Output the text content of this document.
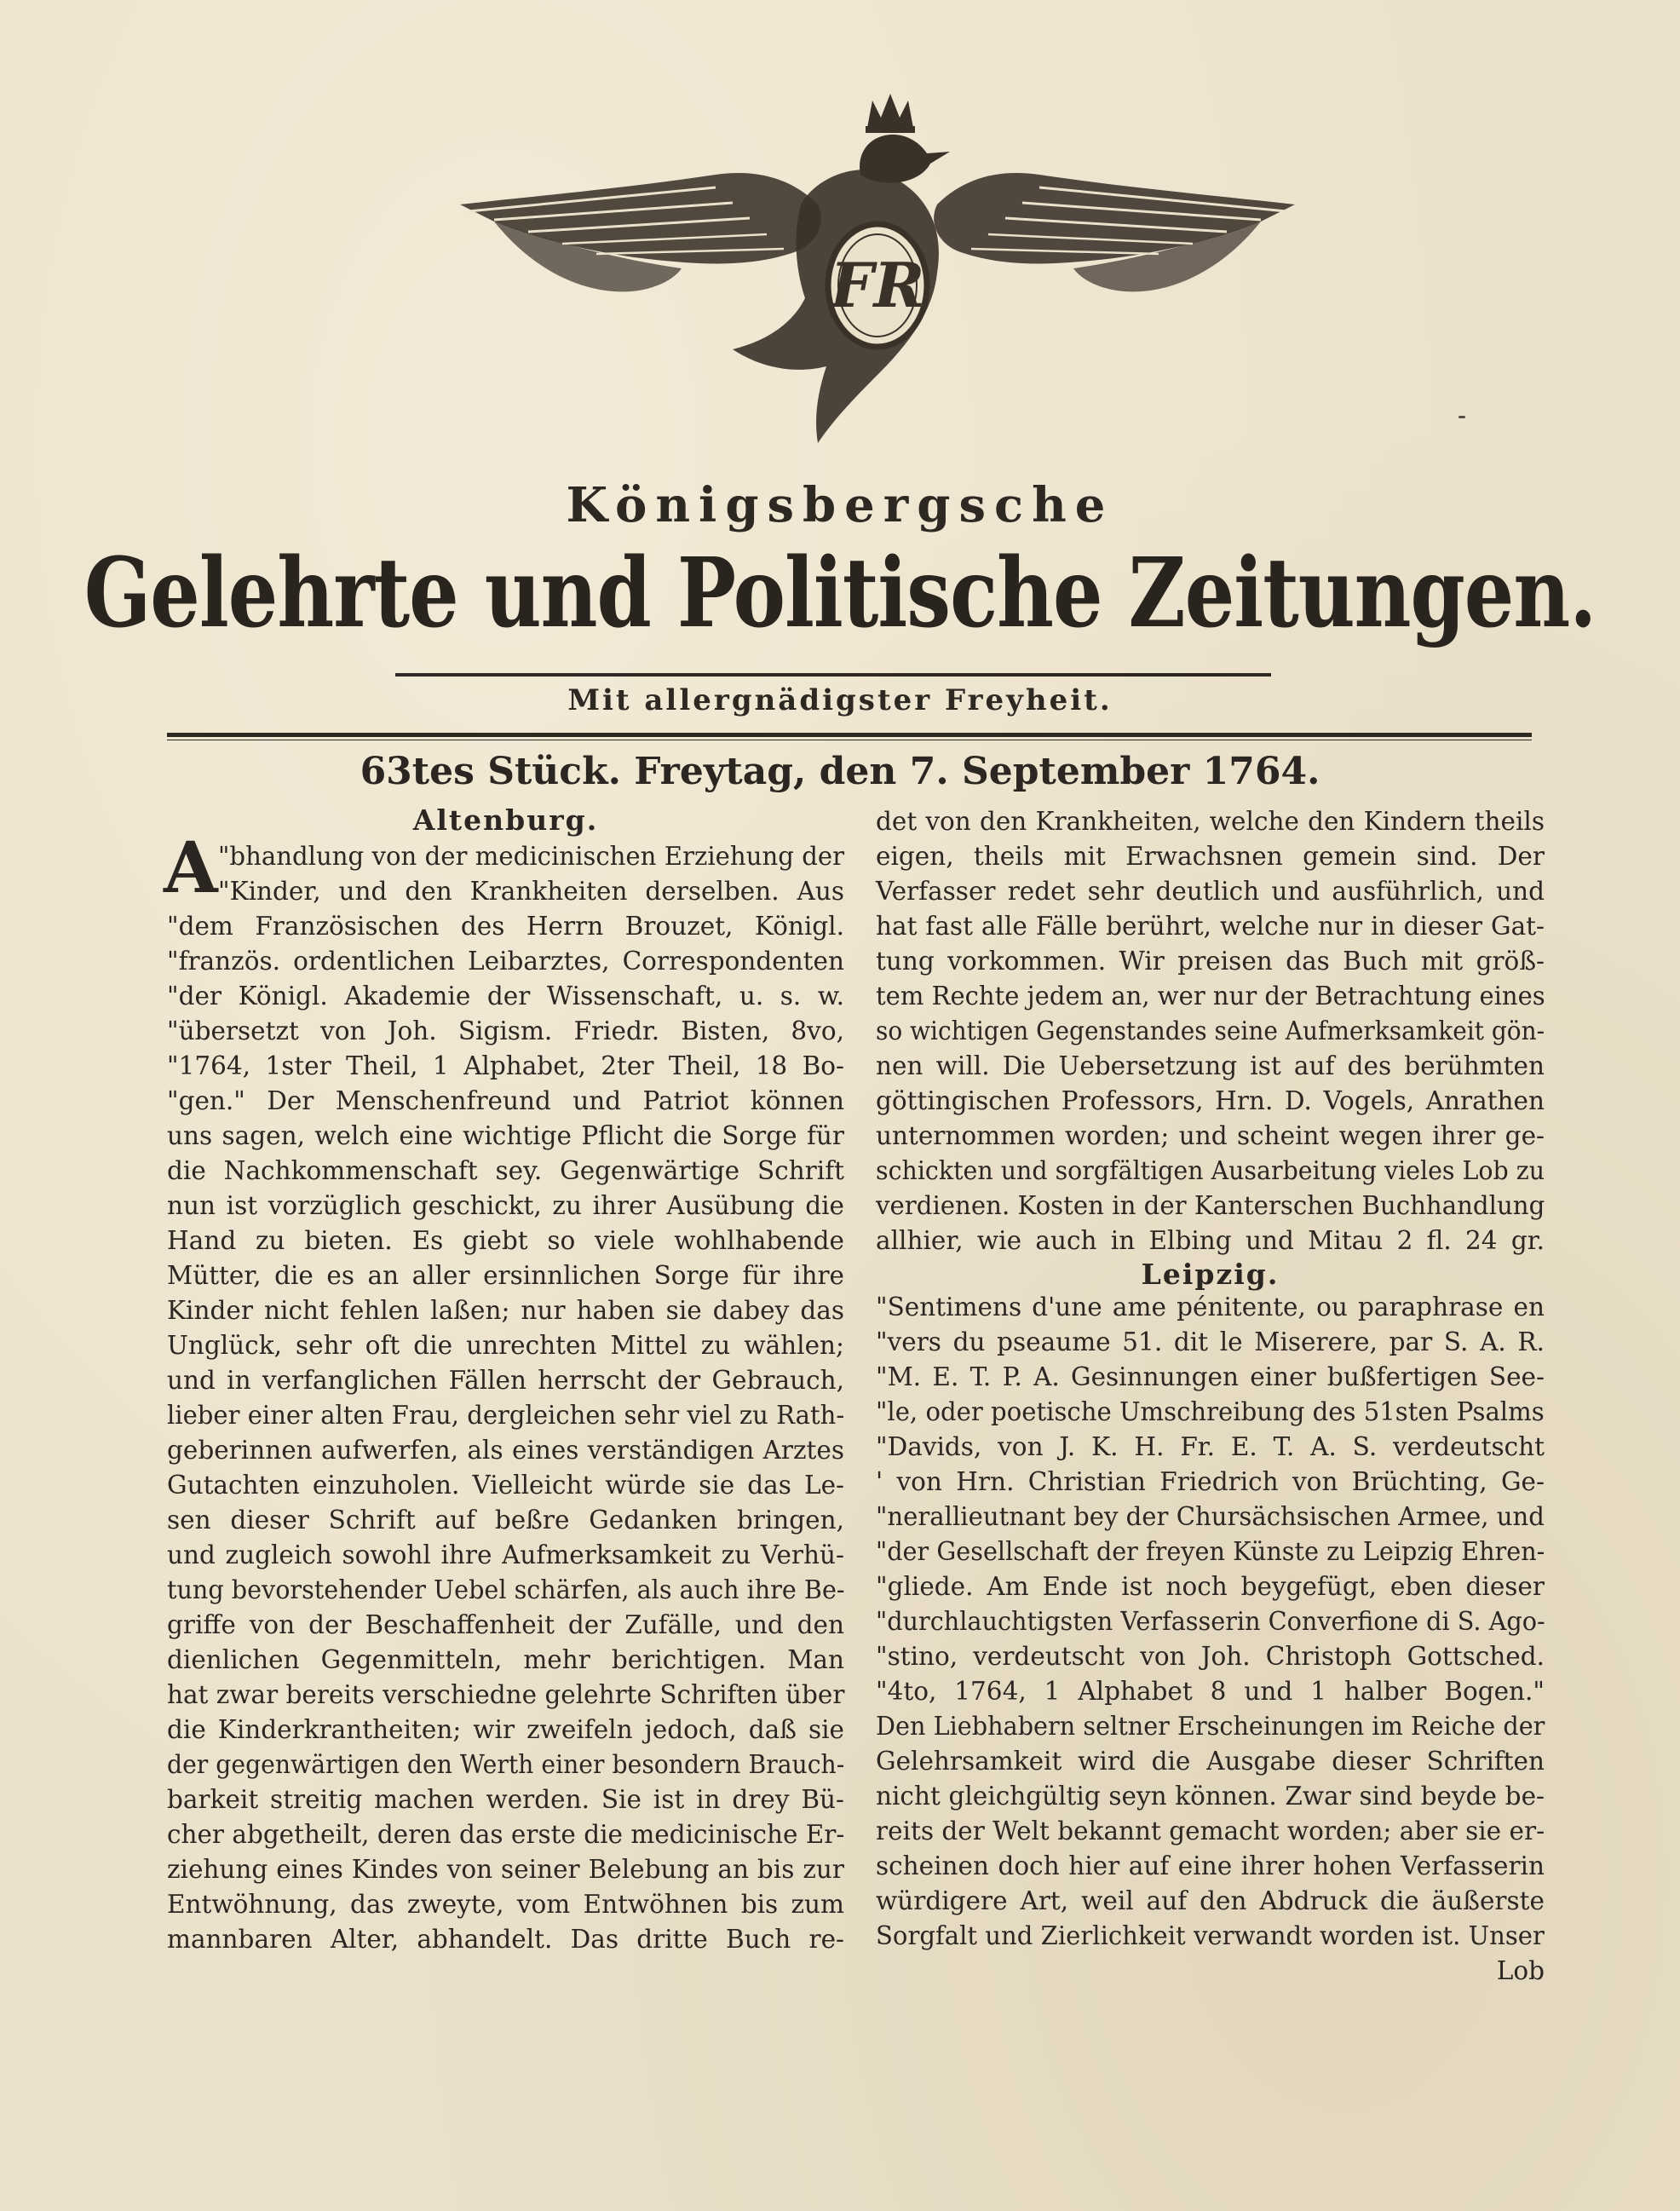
FR
Königsbergsche
Gelehrte und Politische Zeitungen.
Mit allergnädigster Freyheit.
63tes Stück. Freytag, den 7. September 1764.
A
Altenburg.
"bhandlung von der medicinischen Erziehung der
"Kinder, und den Krankheiten derselben. Aus
"dem Französischen des Herrn Brouzet, Königl.
"französ. ordentlichen Leibarztes, Correspondenten
"der Königl. Akademie der Wissenschaft, u. s. w.
"übersetzt von Joh. Sigism. Friedr. Bisten, 8vo,
"1764, 1ster Theil, 1 Alphabet, 2ter Theil, 18 Bo-
"gen." Der Menschenfreund und Patriot können
uns sagen, welch eine wichtige Pflicht die Sorge für
die Nachkommenschaft sey. Gegenwärtige Schrift
nun ist vorzüglich geschickt, zu ihrer Ausübung die
Hand zu bieten. Es giebt so viele wohlhabende
Mütter, die es an aller ersinnlichen Sorge für ihre
Kinder nicht fehlen laßen; nur haben sie dabey das
Unglück, sehr oft die unrechten Mittel zu wählen;
und in verfanglichen Fällen herrscht der Gebrauch,
lieber einer alten Frau, dergleichen sehr viel zu Rath-
geberinnen aufwerfen, als eines verständigen Arztes
Gutachten einzuholen. Vielleicht würde sie das Le-
sen dieser Schrift auf beßre Gedanken bringen,
und zugleich sowohl ihre Aufmerksamkeit zu Verhü-
tung bevorstehender Uebel schärfen, als auch ihre Be-
griffe von der Beschaffenheit der Zufälle, und den
dienlichen Gegenmitteln, mehr berichtigen. Man
hat zwar bereits verschiedne gelehrte Schriften über
die Kinderkrantheiten; wir zweifeln jedoch, daß sie
der gegenwärtigen den Werth einer besondern Brauch-
barkeit streitig machen werden. Sie ist in drey Bü-
cher abgetheilt, deren das erste die medicinische Er-
ziehung eines Kindes von seiner Belebung an bis zur
Entwöhnung, das zweyte, vom Entwöhnen bis zum
mannbaren Alter, abhandelt. Das dritte Buch re-
det von den Krankheiten, welche den Kindern theils
eigen, theils mit Erwachsnen gemein sind. Der
Verfasser redet sehr deutlich und ausführlich, und
hat fast alle Fälle berührt, welche nur in dieser Gat-
tung vorkommen. Wir preisen das Buch mit größ-
tem Rechte jedem an, wer nur der Betrachtung eines
so wichtigen Gegenstandes seine Aufmerksamkeit gön-
nen will. Die Uebersetzung ist auf des berühmten
göttingischen Professors, Hrn. D. Vogels, Anrathen
unternommen worden; und scheint wegen ihrer ge-
schickten und sorgfältigen Ausarbeitung vieles Lob zu
verdienen. Kosten in der Kanterschen Buchhandlung
allhier, wie auch in Elbing und Mitau 2 fl. 24 gr.
Leipzig.
"Sentimens d'une ame pénitente, ou paraphrase en
"vers du pseaume 51. dit le Miserere, par S. A. R.
"M. E. T. P. A. Gesinnungen einer bußfertigen See-
"le, oder poetische Umschreibung des 51sten Psalms
"Davids, von J. K. H. Fr. E. T. A. S. verdeutscht
' von Hrn. Christian Friedrich von Brüchting, Ge-
"nerallieutnant bey der Chursächsischen Armee, und
"der Gesellschaft der freyen Künste zu Leipzig Ehren-
"gliede. Am Ende ist noch beygefügt, eben dieser
"durchlauchtigsten Verfasserin Converfione di S. Ago-
"stino, verdeutscht von Joh. Christoph Gottsched.
"4to, 1764, 1 Alphabet 8 und 1 halber Bogen."
Den Liebhabern seltner Erscheinungen im Reiche der
Gelehrsamkeit wird die Ausgabe dieser Schriften
nicht gleichgültig seyn können. Zwar sind beyde be-
reits der Welt bekannt gemacht worden; aber sie er-
scheinen doch hier auf eine ihrer hohen Verfasserin
würdigere Art, weil auf den Abdruck die äußerste
Sorgfalt und Zierlichkeit verwandt worden ist. Unser
Lob
